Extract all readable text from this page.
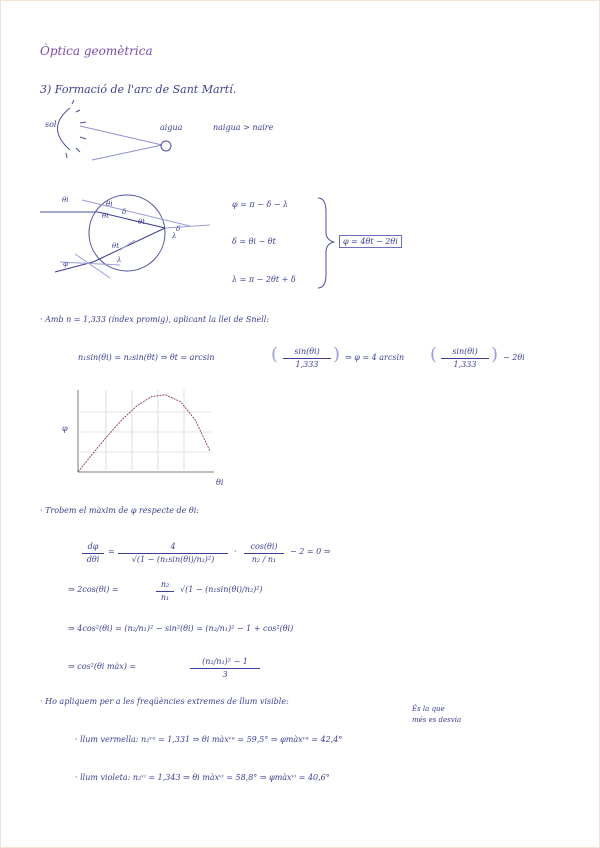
Òptica geomètrica
3) Formació de l'arc de Sant Martí.
sol	aigua	naigua > naire
θi	θi
θt δ
θt
δ
λ
θt
φ	λ
φ = π − δ − λ
δ = θi − θt
λ = π − 2θt + δ
φ = 4θt − 2θi
· Amb n = 1,333 (índex promig), aplicant la llei de Snell:
n₁sin(θi) = n₂sin(θt) ⇒ θt = arcsin	( $\frac{\sin(\theta i)}{1,333}$ ) ⇒ φ = 4 arcsin ( $\frac{\sin(\theta i)}{1,333}$ ) − 2θi
φ
θi
· Trobem el màxim de φ respecte de θi:
dφ
dθi
= $\frac{4}{\text{√(1 − (n₁sin(θi)/n₂)²)}} \cdot \frac{\cos(\theta i)}{\text{n₂ / n₁}} - 2 = 0$ ⇒
⇒ 2cos(θi) =	$\frac{\text{n₂}}{\text{n₁}} √(1 - (n_1\sin(\theta i)/n_2)^2)$
⇒ 4cos²(θi) = (n₂/n₁)² − sin²(θi) = (n₂/n₁)² − 1 + cos²(θi)
⇒ cos²(θi màx) =	$\frac{\text{(n₂/n₁)² − 1}}{3}$
· Ho apliquem per a les freqüències extremes de llum visible:
És la que
més es desvia
· llum vermella: n₂ᵛᵉ = 1,331 ⇒ θi màxᵛᵉ = 59,5° ⇒ φmàxᵛᵉ = 42,4°
· llum violeta: n₂ᵛⁱ = 1,343 ⇒ θi màxᵛⁱ = 58,8° ⇒ φmàxᵛⁱ = 40,6°
